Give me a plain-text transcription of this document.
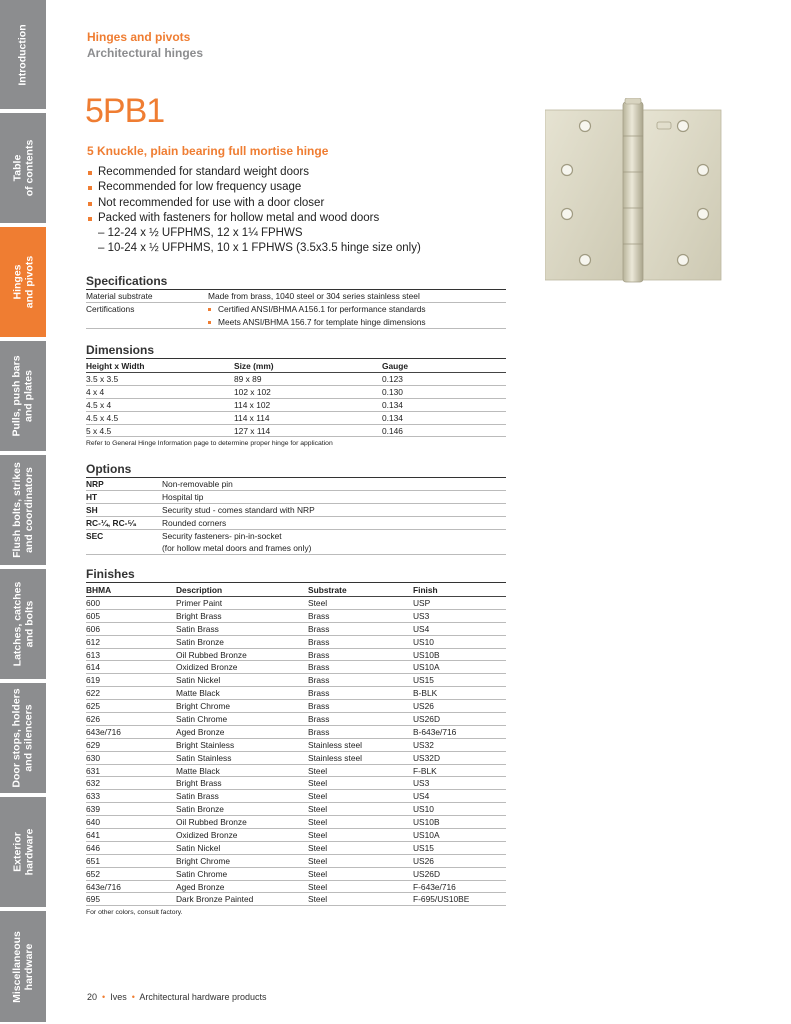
Introduction
Table
of contents
Hinges
and pivots
Pulls, push bars
and plates
Flush bolts, strikes
and coordinators
Latches, catches
and bolts
Door stops, holders
and silencers
Exterior
hardware
Miscellaneous
hardware
Hinges and pivots
Architectural hinges
5PB1
5 Knuckle, plain bearing full mortise hinge
Recommended for standard weight doors
Recommended for low frequency usage
Not recommended for use with a door closer
Packed with fasteners for hollow metal and wood doors
– 12-24 x ½ UFPHMS, 12 x 1¼ FPHWS
– 10-24 x ½ UFPHMS, 10 x 1 FPHWS (3.5x3.5 hinge size only)
Specifications
Material substrate	Made from brass, 1040 steel or 304 series stainless steel
Certifications	Certified ANSI/BHMA A156.1 for performance standards
Meets ANSI/BHMA 156.7 for template hinge dimensions
Dimensions
Height x Width	Size (mm)	Gauge
3.5 x 3.5	89 x 89	0.123
4 x 4	102 x 102	0.130
4.5 x 4	114 x 102	0.134
4.5 x 4.5	114 x 114	0.134
5 x 4.5	127 x 114	0.146
Refer to General Hinge Information page to determine proper hinge for application
Options
NRP	Non-removable pin
HT	Hospital tip
SH	Security stud - comes standard with NRP
RC-¼, RC-⁵⁄₈	Rounded corners
SEC	Security fasteners- pin-in-socket
(for hollow metal doors and frames only)
Finishes
BHMA	Description	Substrate	Finish
600	Primer Paint	Steel	USP
605	Bright Brass	Brass	US3
606	Satin Brass	Brass	US4
612	Satin Bronze	Brass	US10
613	Oil Rubbed Bronze	Brass	US10B
614	Oxidized Bronze	Brass	US10A
619	Satin Nickel	Brass	US15
622	Matte Black	Brass	B-BLK
625	Bright Chrome	Brass	US26
626	Satin Chrome	Brass	US26D
643e/716	Aged Bronze	Brass	B-643e/716
629	Bright Stainless	Stainless steel	US32
630	Satin Stainless	Stainless steel	US32D
631	Matte Black	Steel	F-BLK
632	Bright Brass	Steel	US3
633	Satin Brass	Steel	US4
639	Satin Bronze	Steel	US10
640	Oil Rubbed Bronze	Steel	US10B
641	Oxidized Bronze	Steel	US10A
646	Satin Nickel	Steel	US15
651	Bright Chrome	Steel	US26
652	Satin Chrome	Steel	US26D
643e/716	Aged Bronze	Steel	F-643e/716
695	Dark Bronze Painted	Steel	F-695/US10BE
For other colors, consult factory.
20 • Ives • Architectural hardware products
